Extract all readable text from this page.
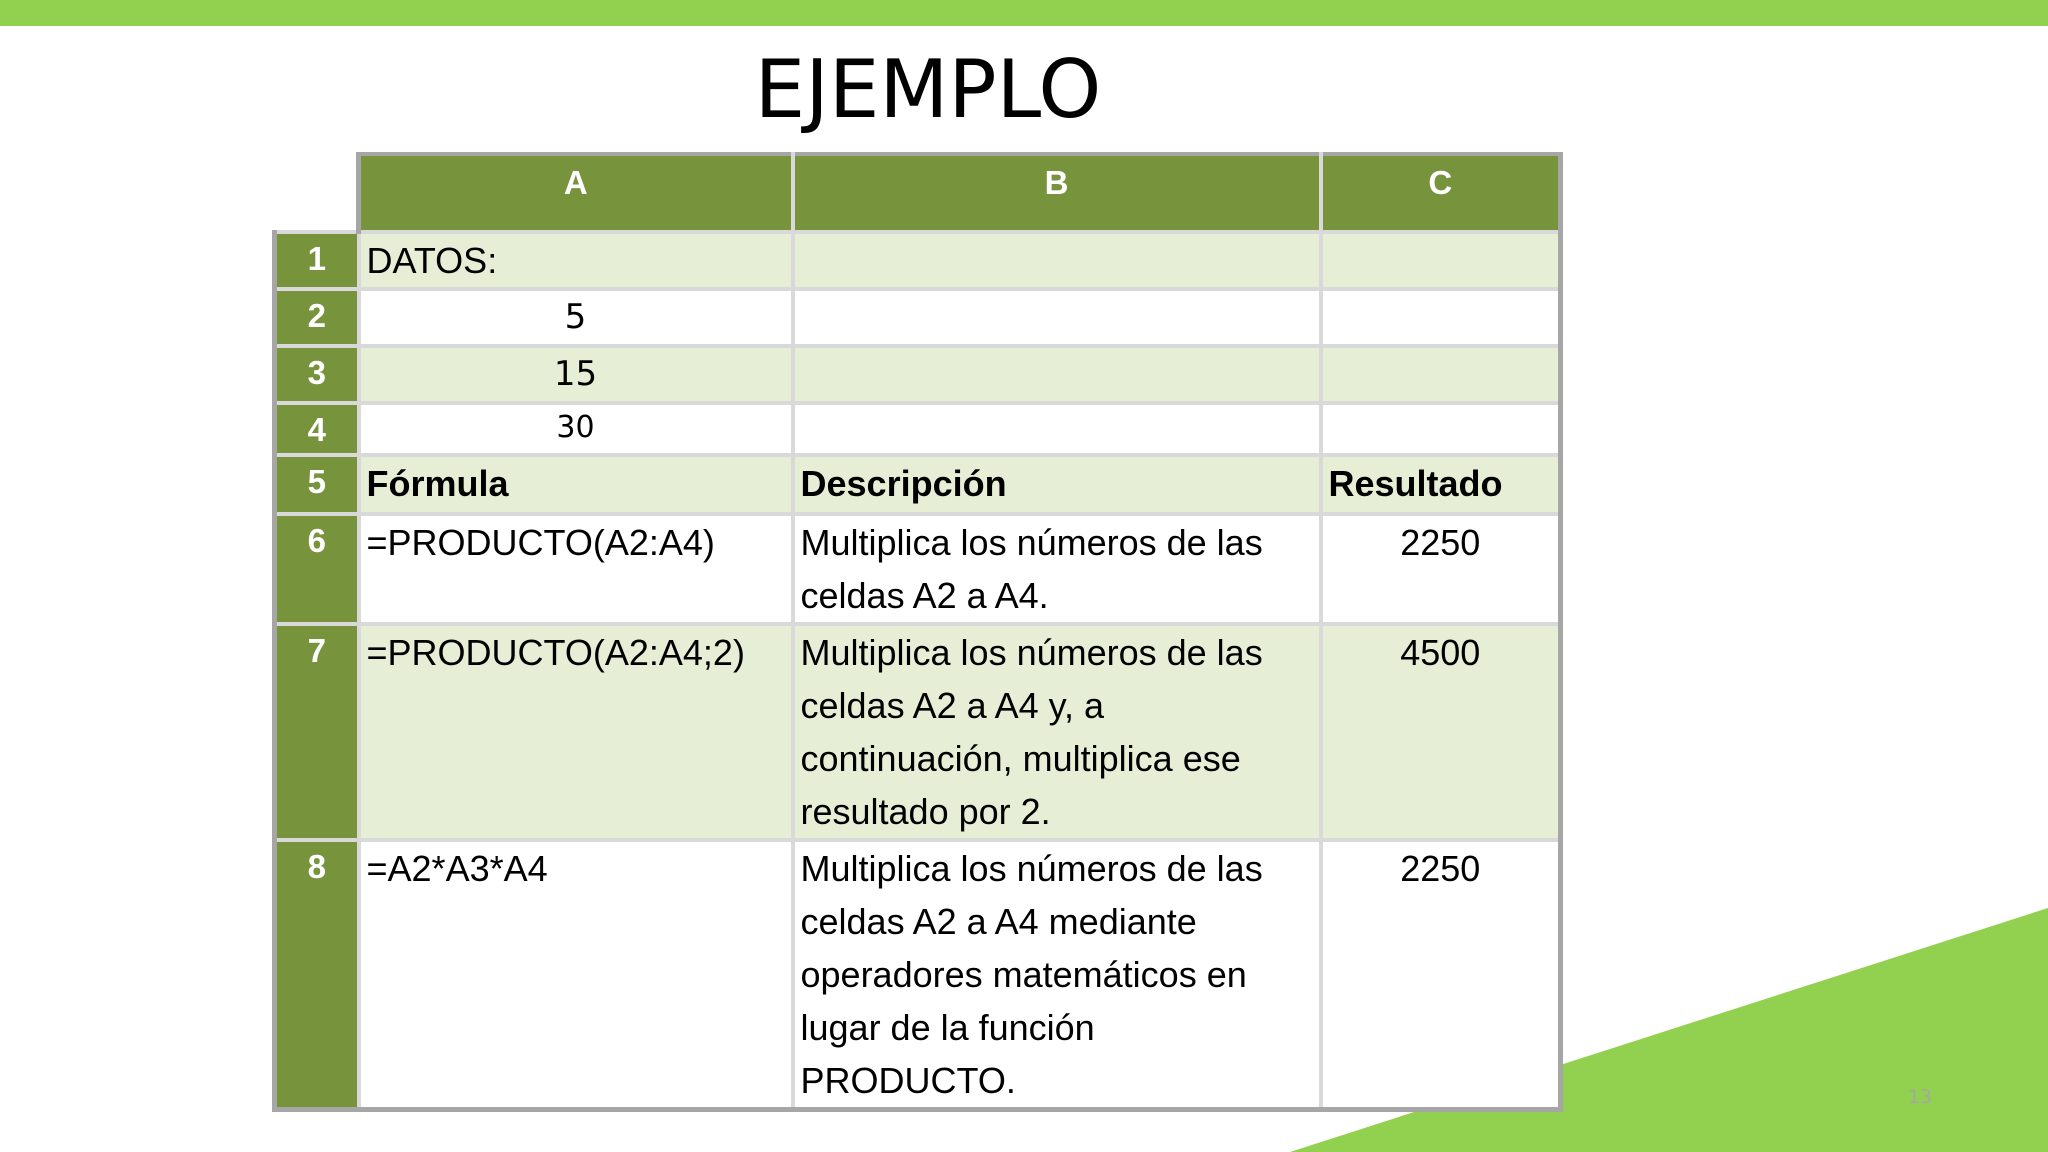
EJEMPLO
	A	B	C
1	DATOS:		
2	5		
3	15		
4	30		
5	Fórmula	Descripción	Resultado
6	=PRODUCTO(A2:A4)	Multiplica los números de las celdas A2 a A4.	2250
7	=PRODUCTO(A2:A4;2)	Multiplica los números de las celdas A2 a A4 y, a continuación, multiplica ese resultado por 2.	4500
8	=A2*A3*A4	Multiplica los números de las celdas A2 a A4 mediante operadores matemáticos en lugar de la función PRODUCTO.	2250
13
